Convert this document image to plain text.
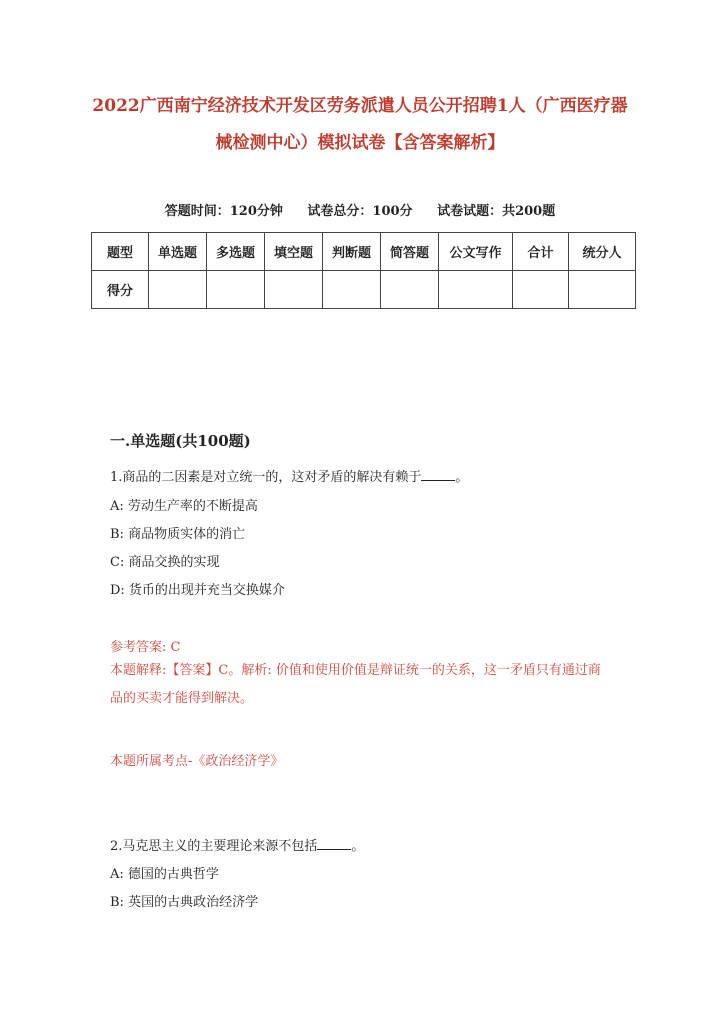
2022广西南宁经济技术开发区劳务派遣人员公开招聘1人（广西医疗器械检测中心）模拟试卷【含答案解析】
答题时间：120分钟 试卷总分：100分 试卷试题：共200题
题型	单选题	多选题	填空题	判断题	简答题	公文写作	合计	统分人
得分								
一.单选题(共100题)
1.商品的二因素是对立统一的，这对矛盾的解决有赖于	。
A: 劳动生产率的不断提高
B: 商品物质实体的消亡
C: 商品交换的实现
D: 货币的出现并充当交换媒介
参考答案: C
本题解释:【答案】C。解析: 价值和使用价值是辩证统一的关系，这一矛盾只有通过商品的买卖才能得到解决。
本题所属考点-《政治经济学》
2.马克思主义的主要理论来源不包括	。
A: 德国的古典哲学
B: 英国的古典政治经济学
